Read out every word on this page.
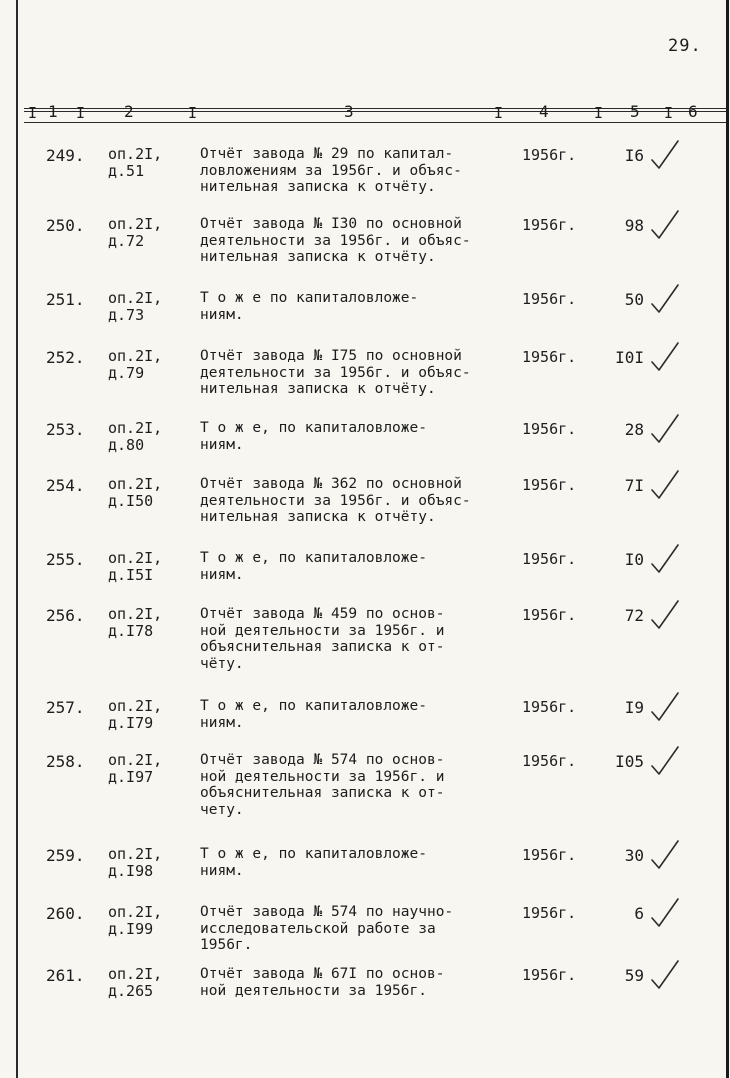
29.
I 1 I 2	I	3	I 4	I 5 I 6
249. оп.2I,
д.51
Отчёт завода № 29 по капитал-
ловложениям за 1956г. и объяс-
нительная записка к отчёту.
1956г.	I6
250. оп.2I,
д.72
Отчёт завода № I30 по основной
деятельности за 1956г. и объяс-
нительная записка к отчёту.
1956г.	98
251. оп.2I,
д.73
Т о ж е по капиталовложе-
ниям.
1956г.	50
252. оп.2I,
д.79
Отчёт завода № I75 по основной
деятельности за 1956г. и объяс-
нительная записка к отчёту.
1956г. I0I
253. оп.2I,
д.80
Т о ж е, по капиталовложе-
ниям.
1956г.	28
254. оп.2I,
д.I50
Отчёт завода № 362 по основной
деятельности за 1956г. и объяс-
нительная записка к отчёту.
1956г.	7I
255. оп.2I,
д.I5I
Т о ж е, по капиталовложе-
ниям.
1956г.	I0
256. оп.2I,
д.I78
Отчёт завода № 459 по основ-
ной деятельности за 1956г. и
объяснительная записка к от-
чёту.
1956г.	72
257. оп.2I,
д.I79
Т о ж е, по капиталовложе-
ниям.
1956г.	I9
258. оп.2I,
д.I97
Отчёт завода № 574 по основ-
ной деятельности за 1956г. и
объяснительная записка к от-
чету.
1956г. I05
259. оп.2I,
д.I98
Т о ж е, по капиталовложе-
ниям.
1956г.	30
260. оп.2I,
д.I99
Отчёт завода № 574 по научно-
исследовательской работе за
1956г.
1956г.	6
261. оп.2I,
д.265
Отчёт завода № 67I по основ-
ной деятельности за 1956г.
1956г.	59
